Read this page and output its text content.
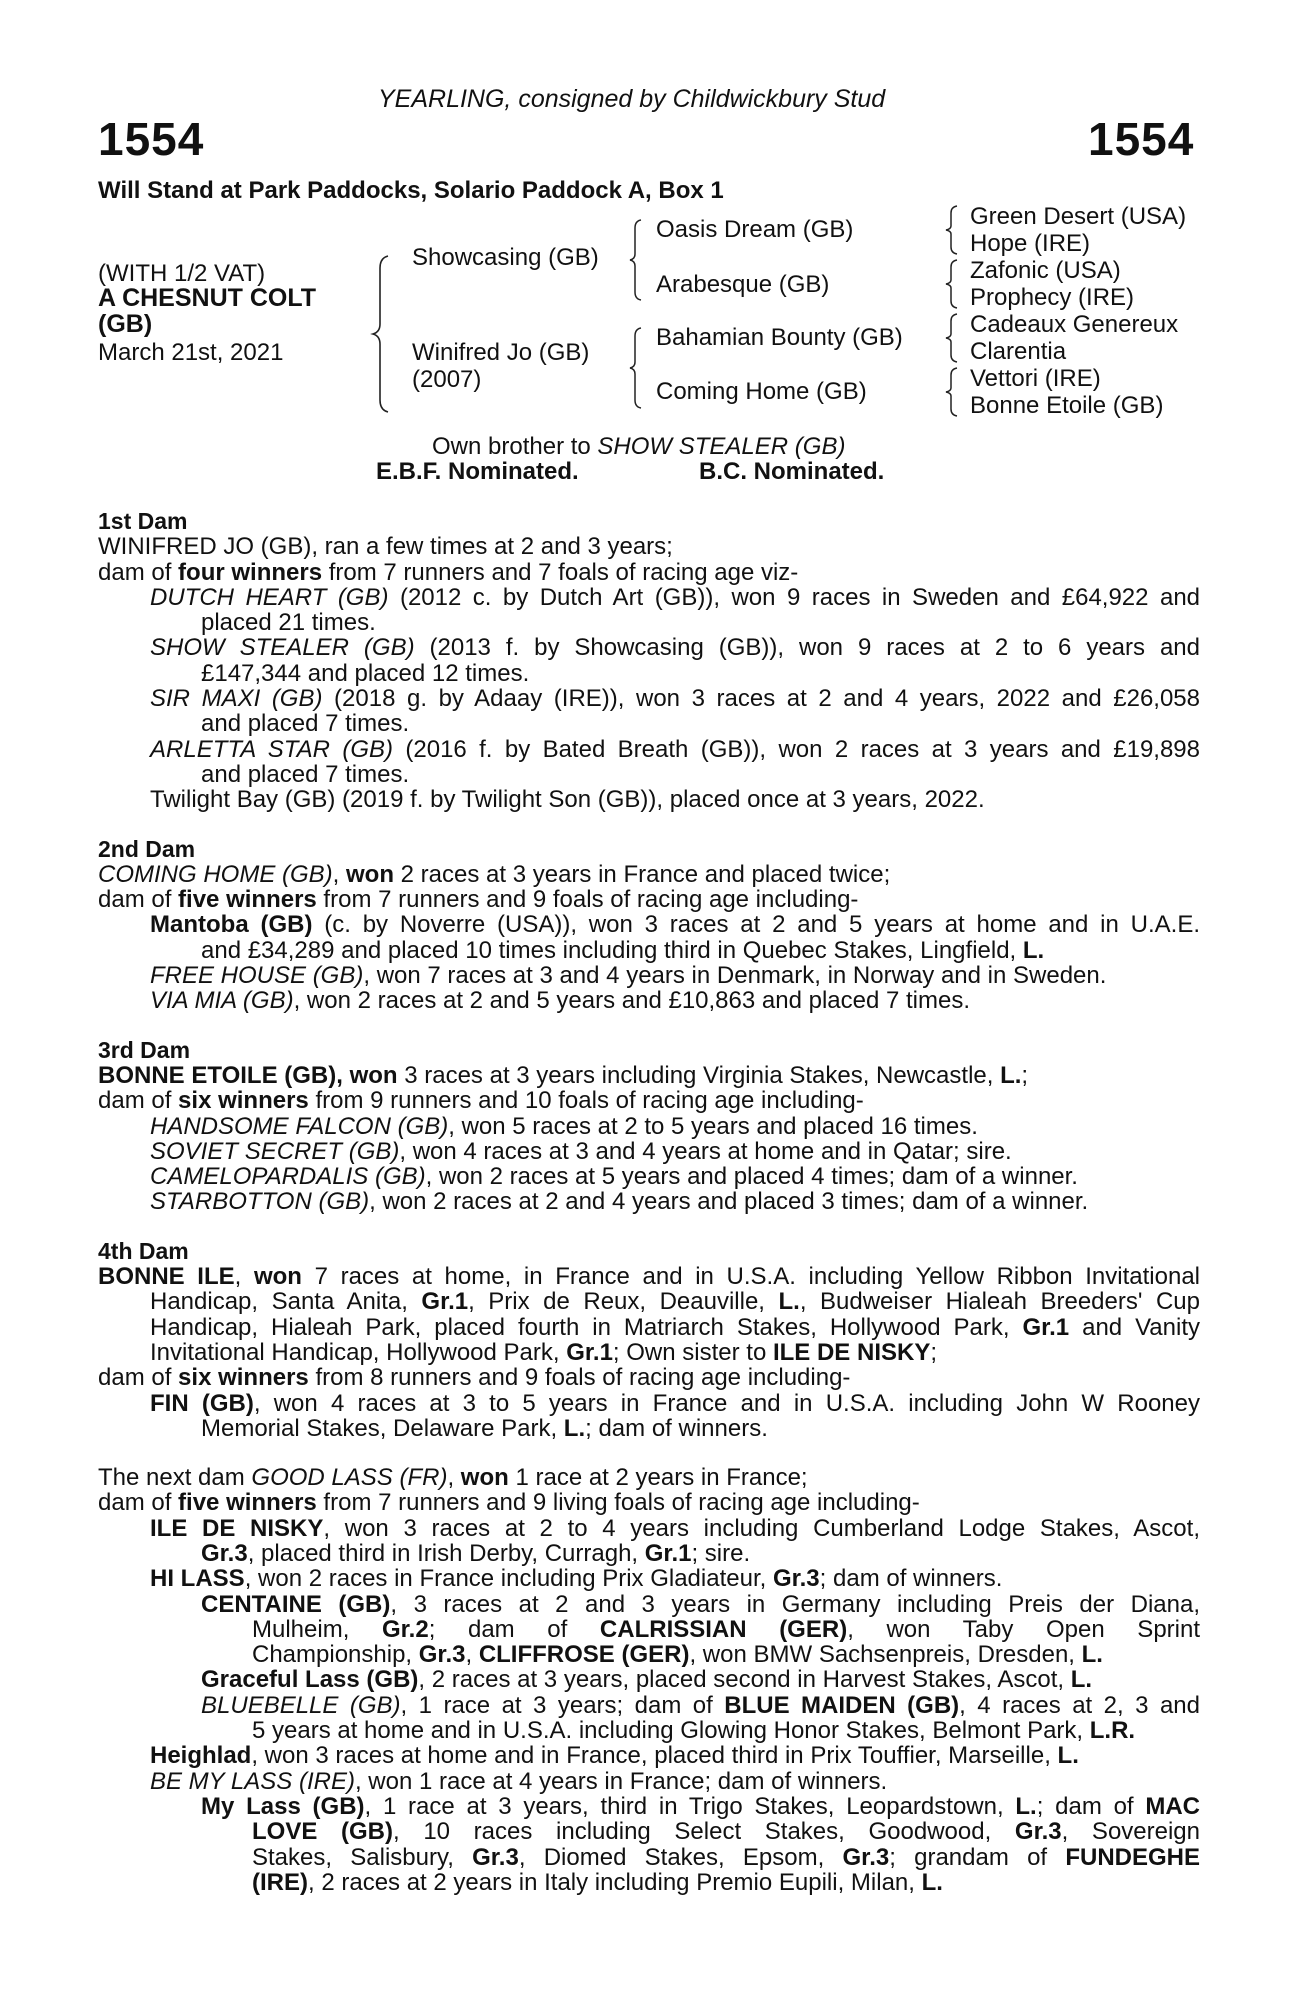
YEARLING, consigned by Childwickbury Stud
1554	1554
Will Stand at Park Paddocks, Solario Paddock A, Box 1
(WITH 1/2 VAT)
A CHESNUT COLT
(GB)
March 21st, 2021
Showcasing (GB)
Winifred Jo (GB)
(2007)
Oasis Dream (GB)
Arabesque (GB)
Bahamian Bounty (GB)
Coming Home (GB)
Green Desert (USA)
Hope (IRE)
Zafonic (USA)
Prophecy (IRE)
Cadeaux Genereux
Clarentia
Vettori (IRE)
Bonne Etoile (GB)
Own brother to SHOW STEALER (GB)
E.B.F. Nominated.	B.C. Nominated.
1st Dam
WINIFRED JO (GB), ran a few times at 2 and 3 years;
dam of four winners from 7 runners and 7 foals of racing age viz-
DUTCH HEART (GB) (2012 c. by Dutch Art (GB)), won 9 races in Sweden and £64,922 and
placed 21 times.
SHOW STEALER (GB) (2013 f. by Showcasing (GB)), won 9 races at 2 to 6 years and
£147,344 and placed 12 times.
SIR MAXI (GB) (2018 g. by Adaay (IRE)), won 3 races at 2 and 4 years, 2022 and £26,058
and placed 7 times.
ARLETTA STAR (GB) (2016 f. by Bated Breath (GB)), won 2 races at 3 years and £19,898
and placed 7 times.
Twilight Bay (GB) (2019 f. by Twilight Son (GB)), placed once at 3 years, 2022.
2nd Dam
COMING HOME (GB), won 2 races at 3 years in France and placed twice;
dam of five winners from 7 runners and 9 foals of racing age including-
Mantoba (GB) (c. by Noverre (USA)), won 3 races at 2 and 5 years at home and in U.A.E.
and £34,289 and placed 10 times including third in Quebec Stakes, Lingfield, L.
FREE HOUSE (GB), won 7 races at 3 and 4 years in Denmark, in Norway and in Sweden.
VIA MIA (GB), won 2 races at 2 and 5 years and £10,863 and placed 7 times.
3rd Dam
BONNE ETOILE (GB), won 3 races at 3 years including Virginia Stakes, Newcastle, L.;
dam of six winners from 9 runners and 10 foals of racing age including-
HANDSOME FALCON (GB), won 5 races at 2 to 5 years and placed 16 times.
SOVIET SECRET (GB), won 4 races at 3 and 4 years at home and in Qatar; sire.
CAMELOPARDALIS (GB), won 2 races at 5 years and placed 4 times; dam of a winner.
STARBOTTON (GB), won 2 races at 2 and 4 years and placed 3 times; dam of a winner.
4th Dam
BONNE ILE, won 7 races at home, in France and in U.S.A. including Yellow Ribbon Invitational
Handicap, Santa Anita, Gr.1, Prix de Reux, Deauville, L., Budweiser Hialeah Breeders' Cup
Handicap, Hialeah Park, placed fourth in Matriarch Stakes, Hollywood Park, Gr.1 and Vanity
Invitational Handicap, Hollywood Park, Gr.1; Own sister to ILE DE NISKY;
dam of six winners from 8 runners and 9 foals of racing age including-
FIN (GB), won 4 races at 3 to 5 years in France and in U.S.A. including John W Rooney
Memorial Stakes, Delaware Park, L.; dam of winners.
The next dam GOOD LASS (FR), won 1 race at 2 years in France;
dam of five winners from 7 runners and 9 living foals of racing age including-
ILE DE NISKY, won 3 races at 2 to 4 years including Cumberland Lodge Stakes, Ascot,
Gr.3, placed third in Irish Derby, Curragh, Gr.1; sire.
HI LASS, won 2 races in France including Prix Gladiateur, Gr.3; dam of winners.
CENTAINE (GB), 3 races at 2 and 3 years in Germany including Preis der Diana,
Mulheim, Gr.2; dam of CALRISSIAN (GER), won Taby Open Sprint
Championship, Gr.3, CLIFFROSE (GER), won BMW Sachsenpreis, Dresden, L.
Graceful Lass (GB), 2 races at 3 years, placed second in Harvest Stakes, Ascot, L.
BLUEBELLE (GB), 1 race at 3 years; dam of BLUE MAIDEN (GB), 4 races at 2, 3 and
5 years at home and in U.S.A. including Glowing Honor Stakes, Belmont Park, L.R.
Heighlad, won 3 races at home and in France, placed third in Prix Touffier, Marseille, L.
BE MY LASS (IRE), won 1 race at 4 years in France; dam of winners.
My Lass (GB), 1 race at 3 years, third in Trigo Stakes, Leopardstown, L.; dam of MAC
LOVE (GB), 10 races including Select Stakes, Goodwood, Gr.3, Sovereign
Stakes, Salisbury, Gr.3, Diomed Stakes, Epsom, Gr.3; grandam of FUNDEGHE
(IRE), 2 races at 2 years in Italy including Premio Eupili, Milan, L.
